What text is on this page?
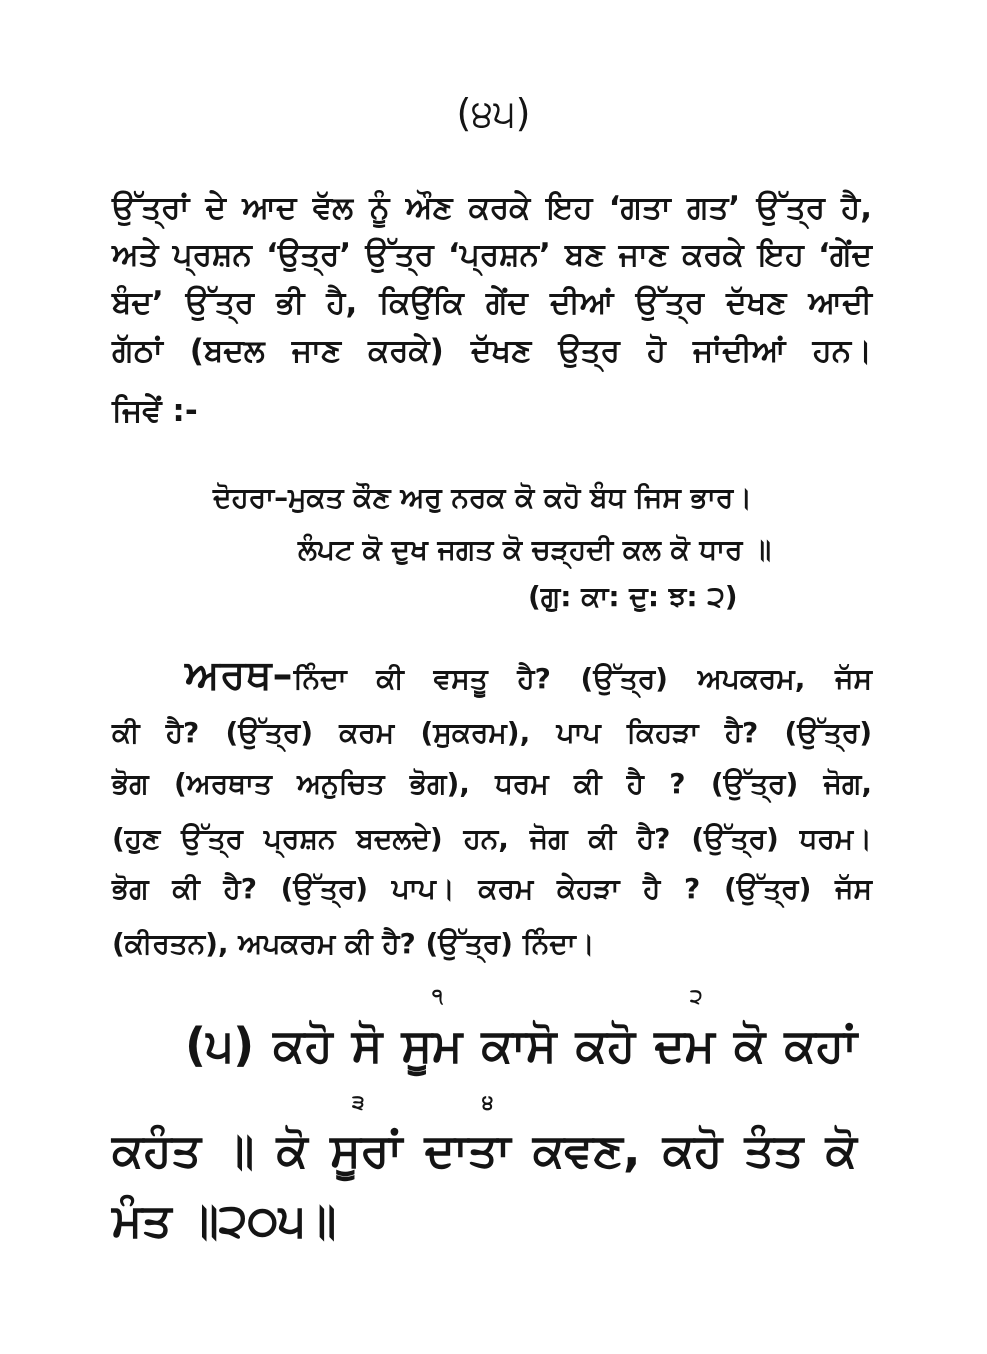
(੪੫)
ਉੱਤ੍ਰਾਂ ਦੇ ਆਦ ਵੱਲ ਨੂੰ ਔਣ ਕਰਕੇ ਇਹ ‘ਗਤਾ ਗਤ’ ਉੱਤ੍ਰ ਹੈ,
ਅਤੇ ਪ੍ਰਸ਼ਨ ‘ਉਤ੍ਰ’ ਉੱਤ੍ਰ ‘ਪ੍ਰਸ਼ਨ’ ਬਣ ਜਾਣ ਕਰਕੇ ਇਹ ‘ਗੇਂਦ
ਬੰਦ’ ਉੱਤ੍ਰ ਭੀ ਹੈ, ਕਿਉਂਕਿ ਗੇਂਦ ਦੀਆਂ ਉੱਤ੍ਰ ਦੱਖਣ ਆਦੀ
ਗੱਠਾਂ (ਬਦਲ ਜਾਣ ਕਰਕੇ) ਦੱਖਣ ਉਤ੍ਰ ਹੋ ਜਾਂਦੀਆਂ ਹਨ।
ਜਿਵੇਂ :-
ਦੋਹਰਾ–ਮੁਕਤ ਕੌਣ ਅਰੁ ਨਰਕ ਕੋ ਕਹੋ ਬੰਧ ਜਿਸ ਭਾਰ।
ਲੰਪਟ ਕੋ ਦੁਖ ਜਗਤ ਕੋ ਚੜ੍ਹਦੀ ਕਲ ਕੋ ਧਾਰ ॥
(ਗੁ: ਕਾ: ਦੁ: ਝ: ੨)
ਅਰਥ–ਨਿੰਦਾ ਕੀ ਵਸਤੂ ਹੈ? (ਉੱਤ੍ਰ) ਅਪਕਰਮ, ਜੱਸ
ਕੀ ਹੈ? (ਉੱਤ੍ਰ) ਕਰਮ (ਸੁਕਰਮ), ਪਾਪ ਕਿਹੜਾ ਹੈ? (ਉੱਤ੍ਰ)
ਭੋਗ (ਅਰਥਾਤ ਅਨੁਚਿਤ ਭੋਗ), ਧਰਮ ਕੀ ਹੈ ? (ਉੱਤ੍ਰ) ਜੋਗ,
(ਹੁਣ ਉੱਤ੍ਰ ਪ੍ਰਸ਼ਨ ਬਦਲਦੇ) ਹਨ, ਜੋਗ ਕੀ ਹੈ? (ਉੱਤ੍ਰ) ਧਰਮ।
ਭੋਗ ਕੀ ਹੈ? (ਉੱਤ੍ਰ) ਪਾਪ। ਕਰਮ ਕੇਹੜਾ ਹੈ ? (ਉੱਤ੍ਰ) ਜੱਸ
(ਕੀਰਤਨ), ਅਪਕਰਮ ਕੀ ਹੈ? (ਉੱਤ੍ਰ) ਨਿੰਦਾ।
੧	੨
(੫) ਕਹੋ ਸੋ ਸੂਮ ਕਾਸੋ ਕਹੋ ਦਮ ਕੋ ਕਹਾਂ
੩	੪
ਕਹੰਤ ॥ ਕੋ ਸੂਰਾਂ ਦਾਤਾ ਕਵਣ, ਕਹੋ ਤੰਤ ਕੋ
ਮੰਤ ॥੨੦੫॥
